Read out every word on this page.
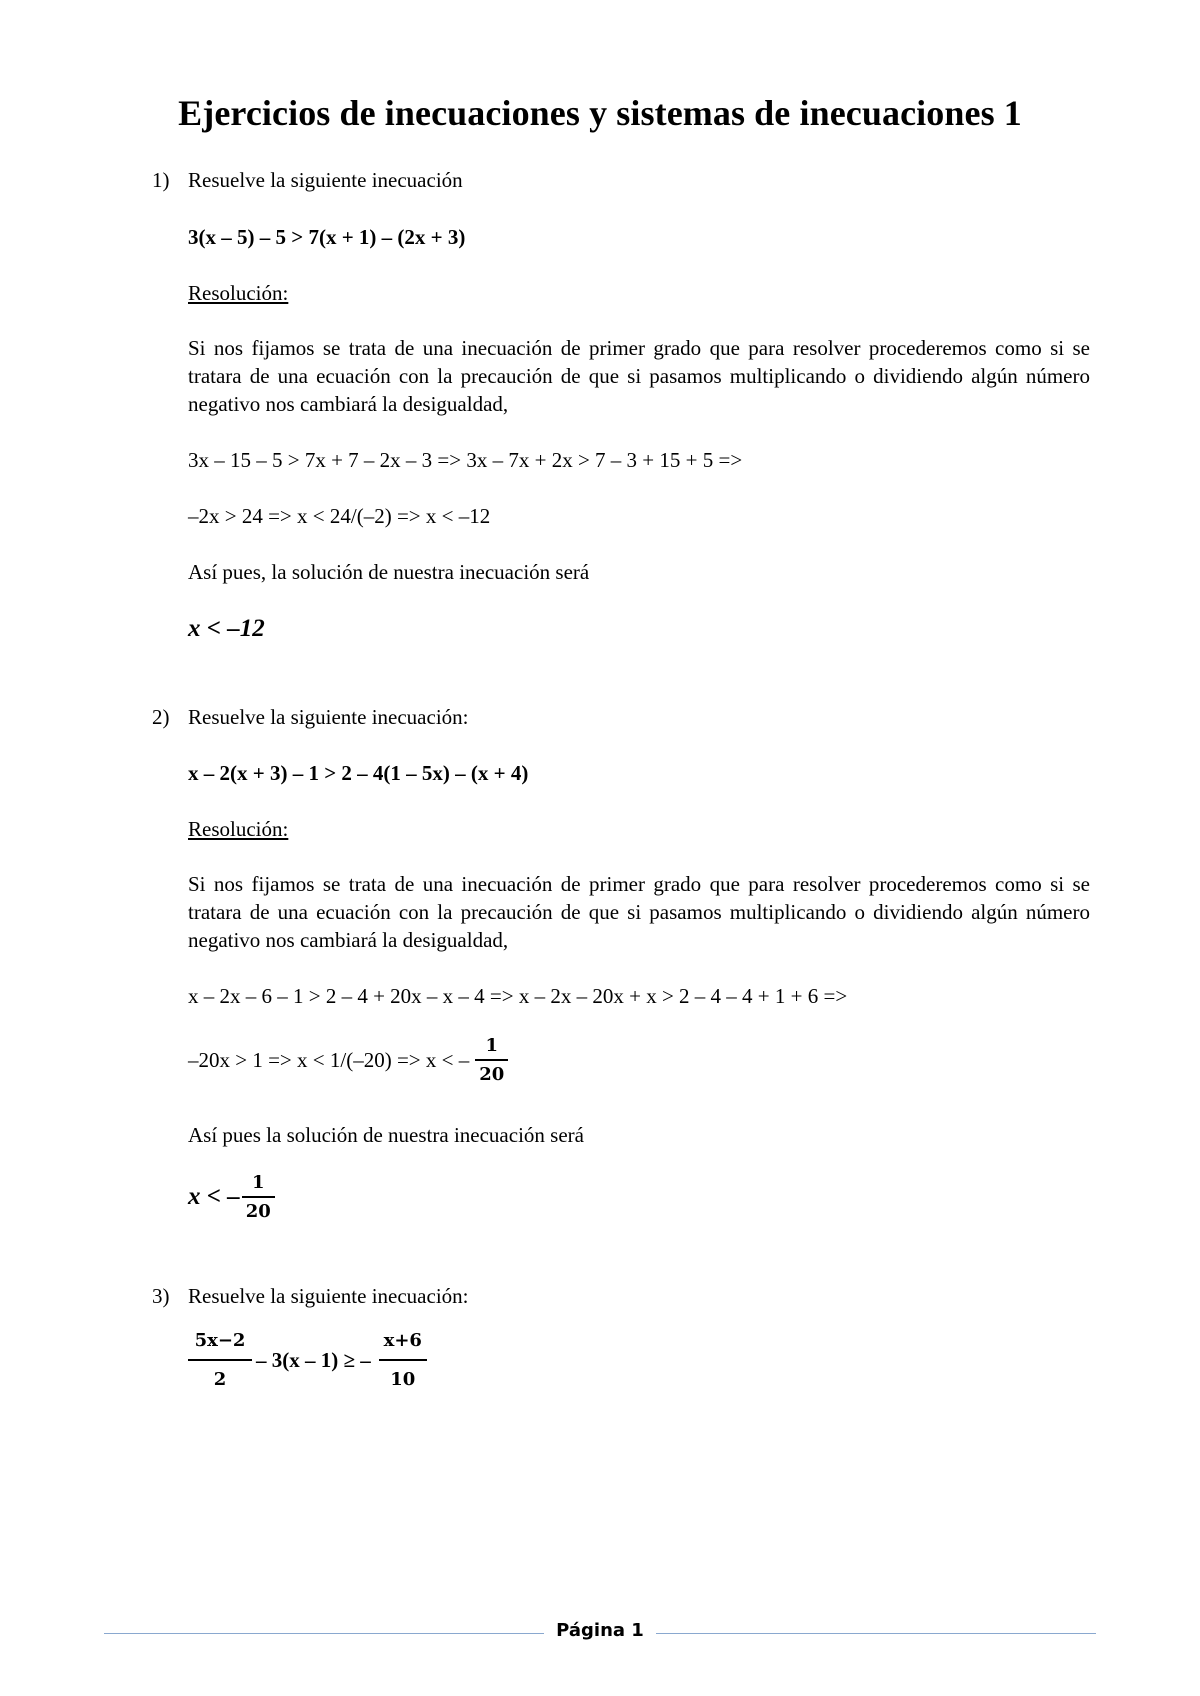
Ejercicios de inecuaciones y sistemas de inecuaciones 1
1) Resuelve la siguiente inecuación
3(x – 5) – 5 > 7(x + 1) – (2x + 3)
Resolución:
Si nos fijamos se trata de una inecuación de primer grado que para resolver procederemos como si se tratara de una ecuación con la precaución de que si pasamos multiplicando o dividiendo algún número negativo nos cambiará la desigualdad,
3x – 15 – 5 > 7x + 7 – 2x – 3 => 3x – 7x + 2x > 7 – 3 + 15 + 5 =>
–2x > 24 => x < 24/(–2) => x < –12
Así pues, la solución de nuestra inecuación será
x < –12
2) Resuelve la siguiente inecuación:
x – 2(x + 3) – 1 > 2 – 4(1 – 5x) – (x + 4)
Resolución:
Si nos fijamos se trata de una inecuación de primer grado que para resolver procederemos como si se tratara de una ecuación con la precaución de que si pasamos multiplicando o dividiendo algún número negativo nos cambiará la desigualdad,
x – 2x – 6 – 1 > 2 – 4 + 20x – x – 4 => x – 2x – 20x + x > 2 – 4 – 4 + 1 + 6 =>
–20x > 1 => x < 1/(–20) => x < – $\frac{1}{20}$
Así pues la solución de nuestra inecuación será
x < – $\frac{1}{20}$
3) Resuelve la siguiente inecuación:
$\frac{5x-2}{2} - 3(x - 1)$ ≥ – $\frac{x+6}{10}$
Página 1
